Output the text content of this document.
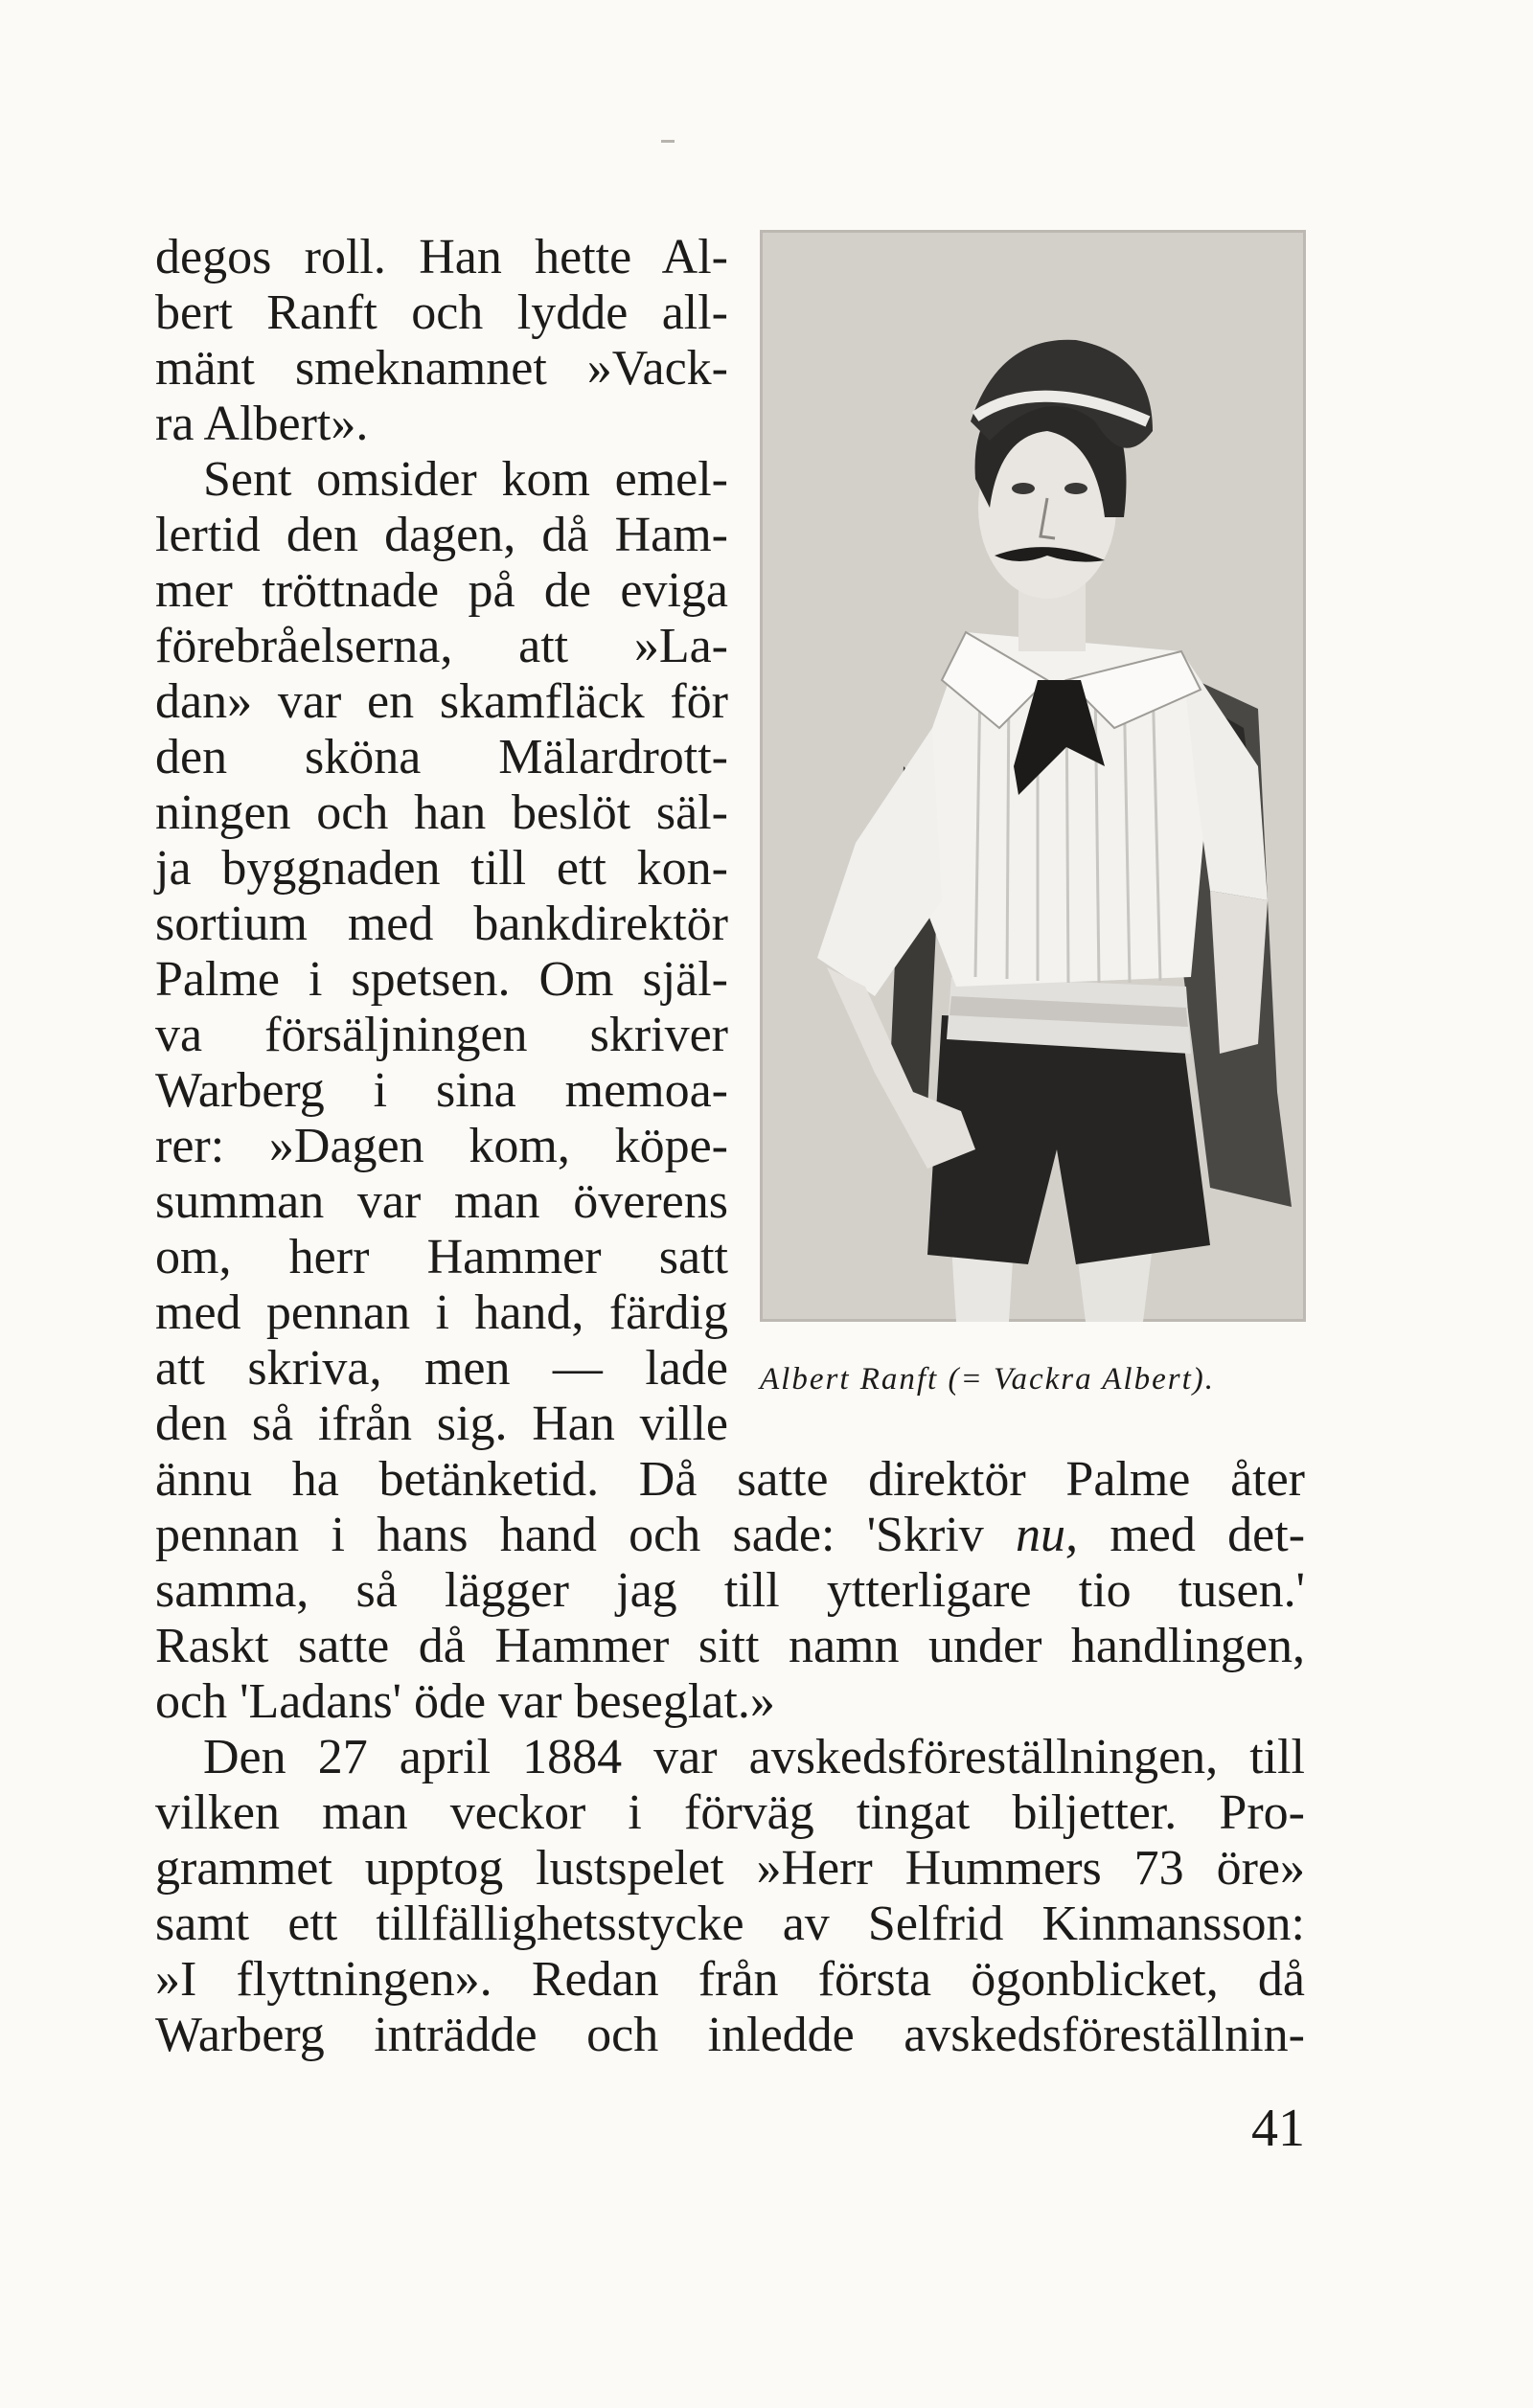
degos roll. Han hette Al-
bert Ranft och lydde all-
mänt smeknamnet »Vack-
ra Albert».
Sent omsider kom emel-
lertid den dagen, då Ham-
mer tröttnade på de eviga
förebråelserna, att »La-
dan» var en skamfläck för
den sköna Mälardrott-
ningen och han beslöt säl-
ja byggnaden till ett kon-
sortium med bankdirektör
Palme i spetsen. Om själ-
va försäljningen skriver
Warberg i sina memoa-
rer: »Dagen kom, köpe-
summan var man överens
om, herr Hammer satt
med pennan i hand, färdig
att skriva, men — lade
den så ifrån sig. Han ville
ännu ha betänketid. Då satte direktör Palme åter
pennan i hans hand och sade: 'Skriv nu, med det-
samma, så lägger jag till ytterligare tio tusen.'
Raskt satte då Hammer sitt namn under handlingen,
och 'Ladans' öde var beseglat.»
Den 27 april 1884 var avskedsföreställningen, till
vilken man veckor i förväg tingat biljetter. Pro-
grammet upptog lustspelet »Herr Hummers 73 öre»
samt ett tillfällighetsstycke av Selfrid Kinmansson:
»I flyttningen». Redan från första ögonblicket, då
Warberg inträdde och inledde avskedsföreställnin-
Albert Ranft (= Vackra Albert).
41
